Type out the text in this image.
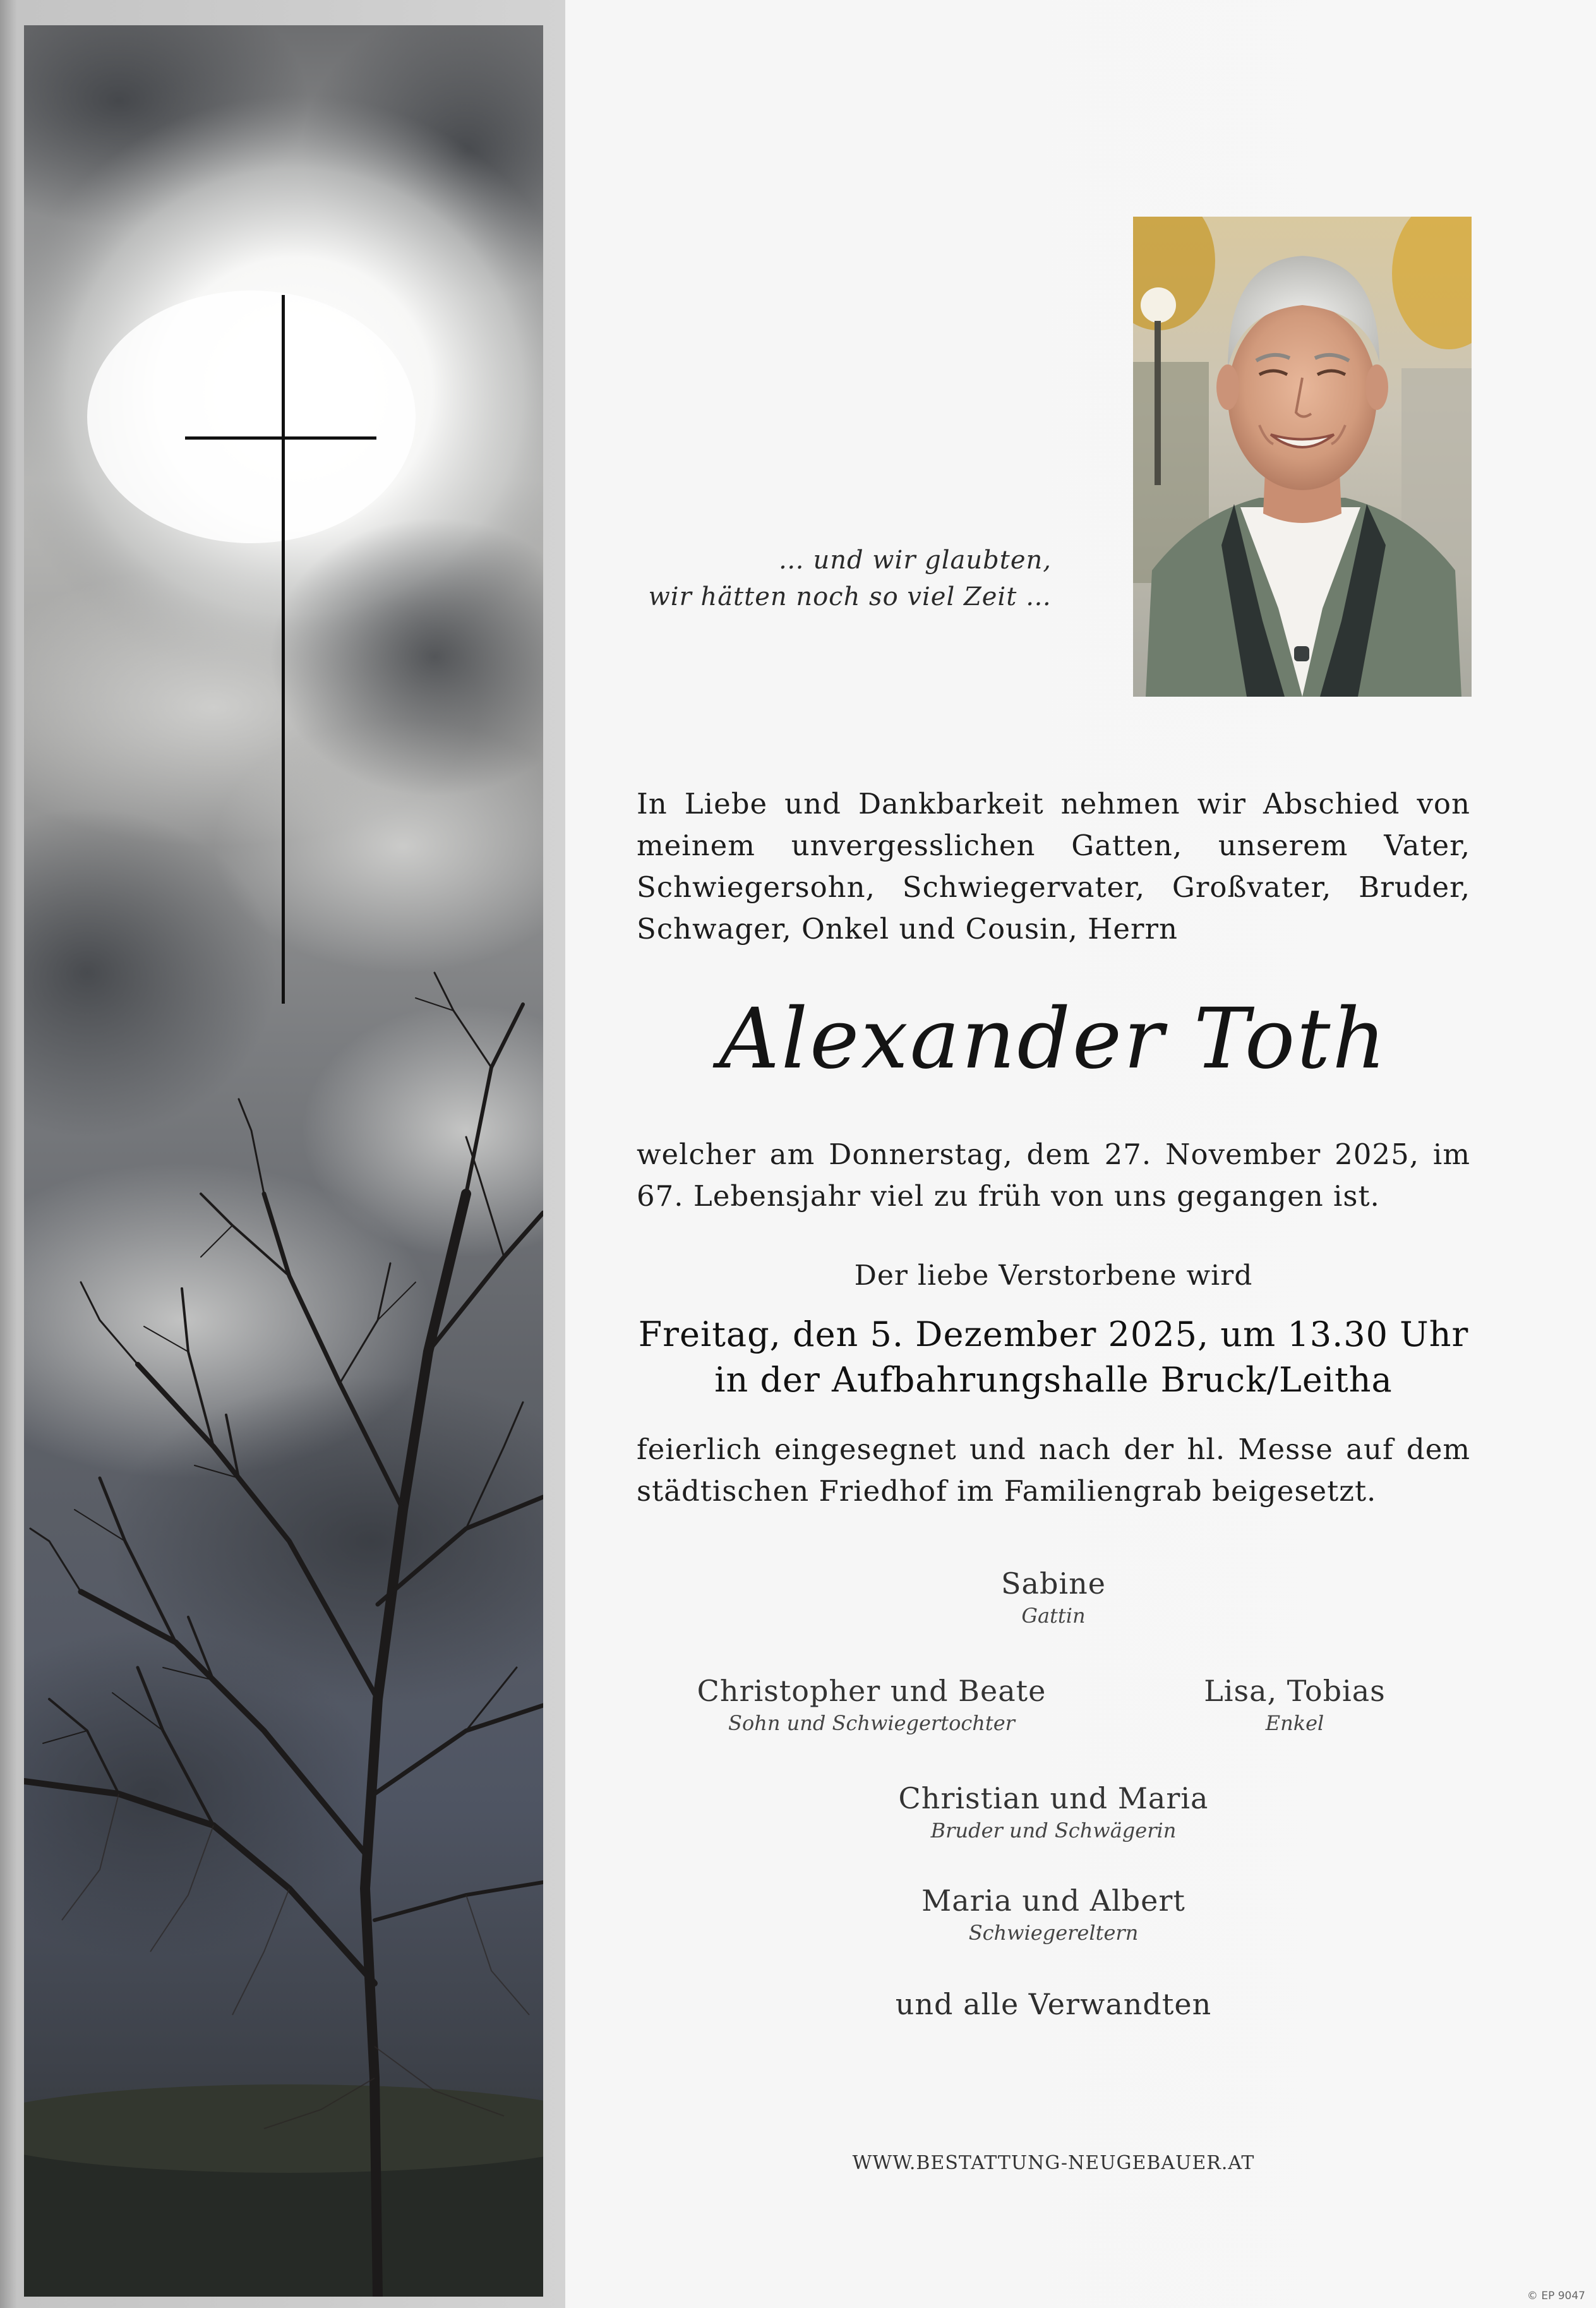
… und wir glaubten,
wir hätten noch so viel Zeit …
In Liebe und Dankbarkeit nehmen wir Abschied von
meinem unvergesslichen Gatten, unserem Vater,
Schwiegersohn, Schwiegervater, Großvater, Bruder,
Schwager, Onkel und Cousin, Herrn
Alexander Toth
welcher am Donnerstag, dem 27. November 2025, im
67. Lebensjahr viel zu früh von uns gegangen ist.
Der liebe Verstorbene wird
Freitag, den 5. Dezember 2025, um 13.30 Uhr
in der Aufbahrungshalle Bruck/Leitha
feierlich eingesegnet und nach der hl. Messe auf dem
städtischen Friedhof im Familiengrab beigesetzt.
Sabine
Gattin
Christopher und Beate
Sohn und Schwiegertochter
Lisa, Tobias
Enkel
Christian und Maria
Bruder und Schwägerin
Maria und Albert
Schwiegereltern
und alle Verwandten
WWW.BESTATTUNG-NEUGEBAUER.AT
© EP 9047
